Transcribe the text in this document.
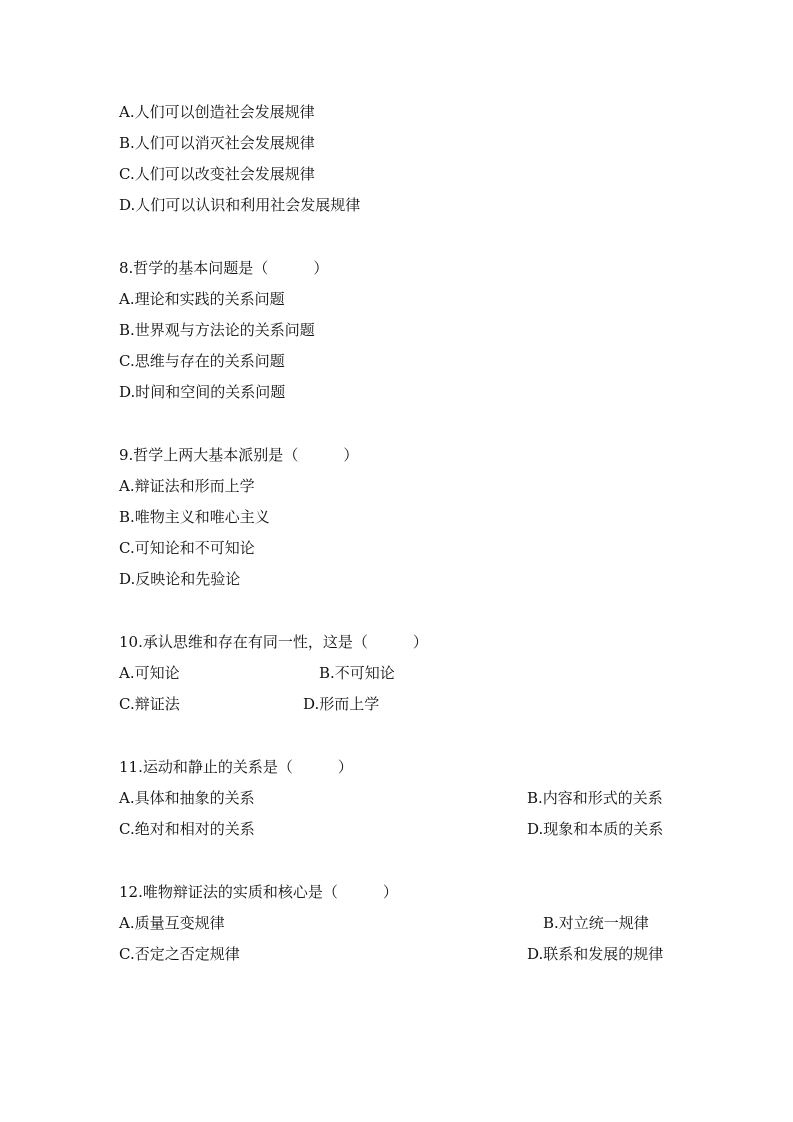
A.人们可以创造社会发展规律
B.人们可以消灭社会发展规律
C.人们可以改变社会发展规律
D.人们可以认识和利用社会发展规律
8.哲学的基本问题是（　　　）
A.理论和实践的关系问题
B.世界观与方法论的关系问题
C.思维与存在的关系问题
D.时间和空间的关系问题
9.哲学上两大基本派别是（　　　）
A.辩证法和形而上学
B.唯物主义和唯心主义
C.可知论和不可知论
D.反映论和先验论
10.承认思维和存在有同一性，这是（　　　）
A.可知论	B.不可知论
C.辩证法	D.形而上学
11.运动和静止的关系是（　　　）
A.具体和抽象的关系	B.内容和形式的关系
C.绝对和相对的关系	D.现象和本质的关系
12.唯物辩证法的实质和核心是（　　　）
A.质量互变规律	B.对立统一规律
C.否定之否定规律	D.联系和发展的规律
